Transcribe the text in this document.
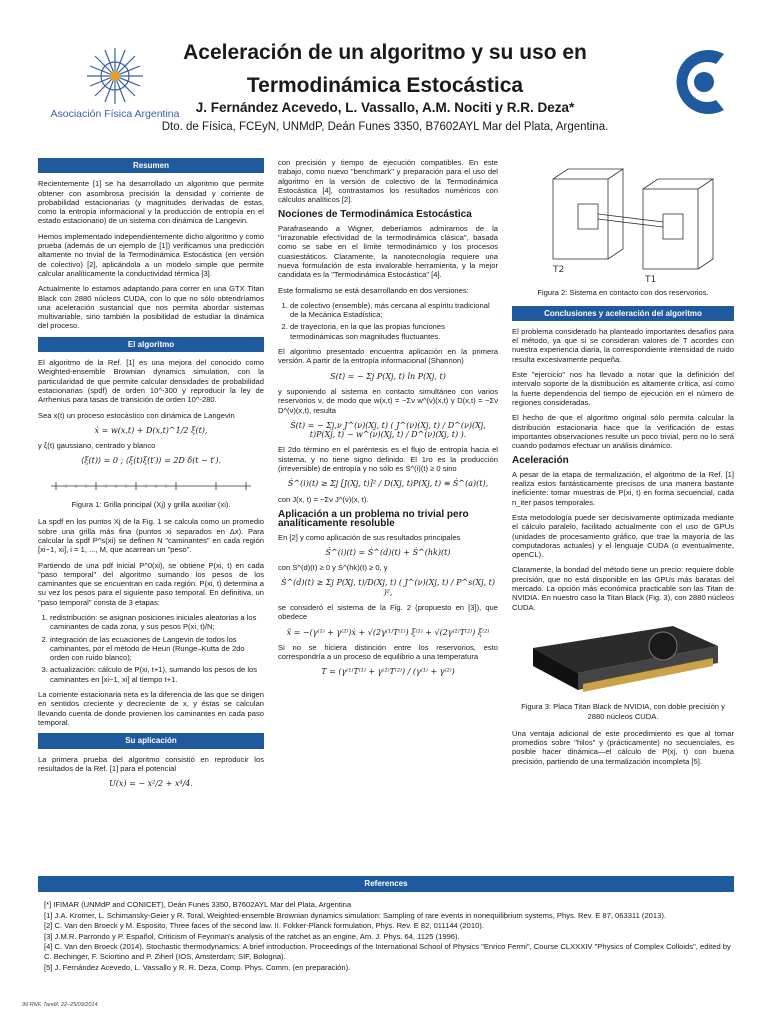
Asociación Física Argentina
Aceleración de un algoritmo y su uso en
Termodinámica Estocástica
J. Fernández Acevedo, L. Vassallo, A.M. Nociti y R.R. Deza*
Dto. de Física, FCEyN, UNMdP, Deán Funes 3350, B7602AYL Mar del Plata, Argentina.
Resumen

Recientemente [1] se ha desarrollado un algoritmo que permite obtener con asombrosa precisión la densidad y corriente de probabilidad estacionarias (y magnitudes derivadas de estas, como la entropía informacional y la producción de entropía en el estado estacionario) de un sistema con dinámica de Langevin.

Hemos implementado independientemente dicho algoritmo y como prueba (además de un ejemplo de [1]) verificamos una predicción altamente no trivial de la Termodinámica Estocástica (en versión de colectivo) [2], aplicándola a un modelo simple que permite calcular analíticamente la conductividad térmica [3].

Actualmente lo estamos adaptando para correr en una GTX Titan Black con 2880 núcleos CUDA, con lo que no sólo obtendríamos una aceleración sustancial que nos permita abordar sistemas multivariable, sino también la posibilidad de estudiar la dinámica del proceso.

El algoritmo

El algoritmo de la Ref. [1] es una mejora del conocido como Weighted-ensemble Brownian dynamics simulation, con la particularidad de que permite calcular densidades de probabilidad estacionarias (spdf) de orden 10^-300 y reproducir la ley de Arrhenius para tasas de transición de orden 10^-280.

Sea x(t) un proceso estocástico con dinámica de Langevin

ẋ = w(x,t) + D(x,t)^1/2 ξ(t),

y ξ(t) gaussiano, centrado y blanco

⟨ξ(t)⟩ = 0 ; ⟨ξ(t)ξ(t′)⟩ = 2D δ(t − t′).
Figura 1: Grilla principal (Xj) y grilla auxiliar (xi).

La spdf en los puntos Xj de la Fig. 1 se calcula como un promedio sobre una grilla más fina (puntos xi separados en Δx). Para calcular la spdf P^s(xi) se definen N "caminantes" en cada región [xi−1, xi], i = 1, ..., M, que acarrean un "peso".

Partiendo de una pdf inicial P^0(xi), se obtiene P(xi, t) en cada "paso temporal" del algoritmo sumando los pesos de los caminantes que se encuentran en cada región. P(xi, t) determina a su vez los pesos para el siguiente paso temporal. En definitiva, un "paso temporal" consta de 3 etapas:

1. redistribución: se asignan posiciones iniciales aleatorias a los caminantes de cada zona, y sus pesos P(xi, t)/N;
2. integración de las ecuaciones de Langevin de todos los caminantes, por el método de Heun (Runge–Kutta de 2do orden con ruido blanco);
3. actualización: cálculo de P(xi, t+1), sumando los pesos de los caminantes en [xi−1, xi] al tiempo t+1.

La corriente estacionaria neta es la diferencia de las que se dirigen en sentidos creciente y decreciente de x, y éstas se calculan llevando cuenta de donde provienen los caminantes en cada paso temporal.

Su aplicación

La primera prueba del algoritmo consistió en reproducir los resultados de la Ref. [1] para el potencial

U(x) = − x²/2 + x⁴/4.

con precisión y tiempo de ejecución compatibles. En este trabajo, como nuevo "benchmark" y preparación para el uso del algoritmo en la versión de colectivo de la Termodinámica Estocástica [4], contrastamos los resultados numéricos con cálculos analíticos [2].

Nociones de Termodinámica Estocástica

Parafraseando a Wigner, deberíamos admirarnos de la "irrazonable efectividad de la termodinámica clásica", basada como se sabe en el límite termodinámico y los procesos cuasiestáticos. Claramente, la nanotecnología requiere una nueva formulación de esta invalorable herramienta, y la mejor candidata es la "Termodinámica Estocástica" [4].

Este formalismo se está desarrollando en dos versiones:

1. de colectivo (ensemble), más cercana al espíritu tradicional de la Mecánica Estadística;
2. de trayectoria, en la que las propias funciones termodinámicas son magnitudes fluctuantes.

El algoritmo presentado encuentra aplicación en la primera versión. A partir de la entropía informacional (Shannon)

S(t) = − Σj P(Xj, t) ln P(Xj, t)

y suponiendo al sistema en contacto simultáneo con varios reservorios ν, de modo que w(x,t) = −Σν w^(ν)(x,t) y D(x,t) = −Σν D^(ν)(x,t), resulta

Ṡ(t) = − Σj,ν J^(ν)(Xj, t) ( J^(ν)(Xj, t) / D^(ν)(Xj, t)P(Xj, t) − w^(ν)(Xj, t) / D^(ν)(Xj, t) ).

El 2do término en el paréntesis es el flujo de entropía hacia el sistema, y no tiene signo definido. El 1ro es la producción (irreversible) de entropía y no sólo es Ṡ^(i)(t) ≥ 0 sino

Ṡ^(i)(t) ≥ Σj [J(Xj, t)]² / D(Xj, t)P(Xj, t) ≡ Ṡ^(a)(t),

con J(x, t) = −Σν J^(ν)(x, t).

Aplicación a un problema no trivial pero analíticamente resoluble

En [2] y como aplicación de sus resultados principales

Ṡ^(i)(t) = Ṡ^(d)(t) + Ṡ^(hk)(t)

con Ṡ^(d)(t) ≥ 0 y Ṡ^(hk)(t) ≥ 0, y

Ṡ^(d)(t) ≥ Σj P(Xj, t)/D(Xj, t) ( J^(ν)(Xj, t) / P^s(Xj, t) )²,

se consideró el sistema de la Fig. 2 (propuesto en [3]), que obedece

ẍ = −(γ⁽¹⁾ + γ⁽²⁾)ẋ + √(2γ⁽¹⁾T⁽¹⁾) ξ⁽¹⁾ + √(2γ⁽²⁾T⁽²⁾) ξ⁽²⁾

Si no se hiciera distinción entre los reservorios, esto correspondría a un proceso de equilibrio a una temperatura

T = (γ⁽¹⁾T⁽¹⁾ + γ⁽²⁾T⁽²⁾) / (γ⁽¹⁾ + γ⁽²⁾)
T2
T1
Figura 2: Sistema en contacto con dos reservorios.
Conclusiones y aceleración del algoritmo

El problema considerado ha planteado importantes desafíos para el método, ya que si se consideran valores de T acordes con nuestra experiencia diaria, la correspondiente intensidad de ruido resulta excesivamente pequeña.

Este "ejercicio" nos ha llevado a notar que la definición del intervalo soporte de la distribución es altamente crítica, así como la fuerte dependencia del tiempo de ejecución en el número de regiones consideradas.

El hecho de que el algoritmo original sólo permita calcular la distribución estacionaria hace que la verificación de estas importantes observaciones resulte un poco trivial, pero no lo será cuando podamos efectuar un análisis dinámico.

Aceleración

A pesar de la etapa de termalización, el algoritmo de la Ref. [1] realiza estos fantásticamente precisos de una manera bastante ineficiente: tomar muestras de P(xi, t) en forma secuencial, cada n_iter pasos temporales.

Esta metodología puede ser decisivamente optimizada mediante el cálculo paralelo, facilitado actualmente con el uso de GPUs (unidades de procesamiento gráfico, que trae la mayoría de las computadoras actuales) y el lenguaje CUDA (o eventualmente, openCL).

Claramente, la bondad del método tiene un precio: requiere doble precisión, que no está disponible en las GPUs más baratas del mercado. La opción más económica practicable son las Titan de NVIDIA. En nuestro caso la Titan Black (Fig. 3), con 2880 núcleos CUDA.

Figura 3: Placa Titan Black de NVIDIA, con doble precisión y 2880 núcleos CUDA.

Una ventaja adicional de este procedimiento es que al tomar promedios sobre "hilos" y (prácticamente) no secuenciales, es posible hacer dinámica—el cálculo de P(xj, t) con buena precisión, partiendo de una termalización incompleta [5].

References
[*] IFIMAR (UNMdP and CONICET), Deán Funes 3350, B7602AYL Mar del Plata, Argentina
[1] J.A. Kromer, L. Schimansky-Geier y R. Toral, Weighted-ensemble Brownian dynamics simulation: Sampling of rare events in nonequilibrium systems, Phys. Rev. E 87, 063311 (2013).
[2] C. Van den Broeck y M. Esposito, Three faces of the second law. II. Fokker-Planck formulation, Phys. Rev. E 82, 011144 (2010).
[3] J.M.R. Parrondo y P. Español, Criticism of Feynman's analysis of the ratchet as an engine, Am. J. Phys. 64, 1125 (1996).
[4] C. Van den Broeck (2014). Stochastic thermodynamics: A brief introduction. Proceedings of the International School of Physics "Enrico Fermi", Course CLXXXIV "Physics of Complex Colloids", edited by C. Bechinger, F. Sciortino and P. Ziherl (IOS, Amsterdam; SIF, Bologna).
[5] J. Fernández Acevedo, L. Vassallo y R. R. Deza, Comp. Phys. Comm. (en preparación).
99 RNF, Tandil, 22–25/09/2014
